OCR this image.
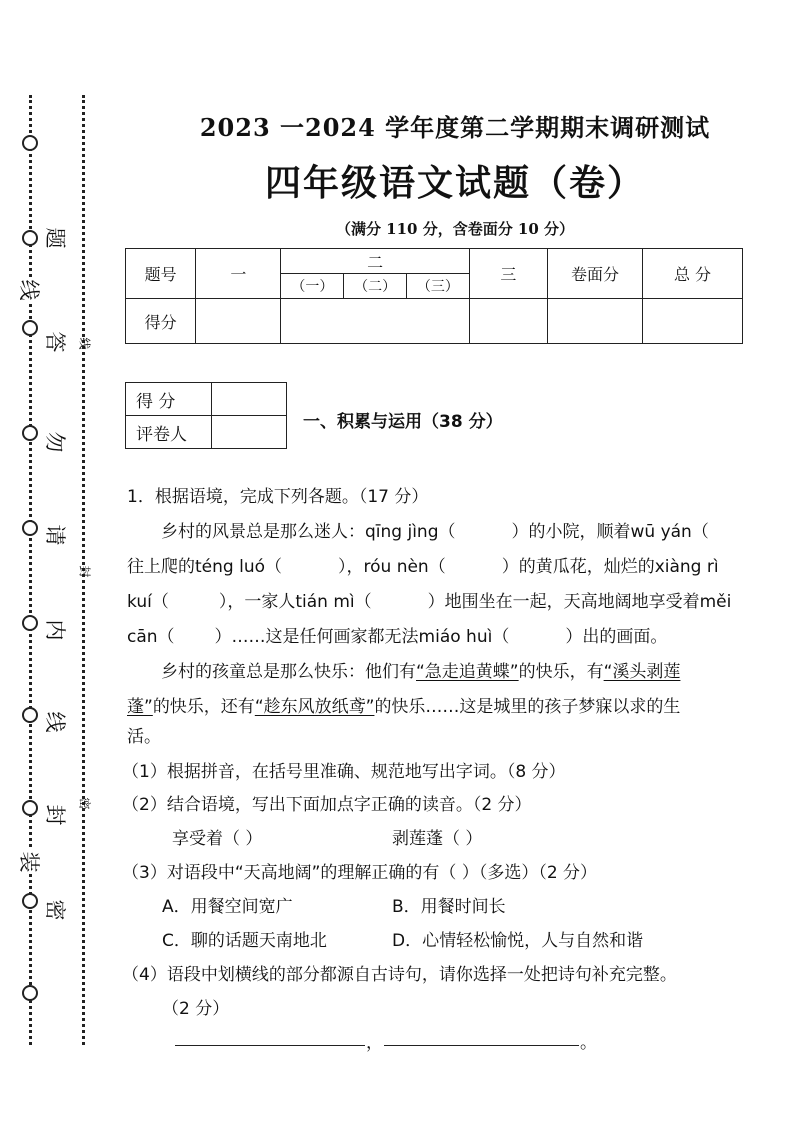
题
线
答
勿
请
内
线
封
装
密
线
封
密
2023 一2024 学年度第二学期期末调研测试
四年级语文试题（卷）
（满分 110 分，含卷面分 10 分）
题号	一	二			三	卷面分	总 分
		（一）	（二）	（三）			
得分							
得 分	
评卷人	
一、积累与运用（38 分）
1．根据语境，完成下列各题。（17 分）
乡村的风景总是那么迷人：qīng jìng（	）的小院，顺着wū yán（
往上爬的téng luó（	），róu nèn（	）的黄瓜花，灿烂的xiàng rì
kuí（	），一家人tián mì（	）地围坐在一起，天高地阔地享受着měi
cān（ ）……这是任何画家都无法miáo huì（	）出的画面。
乡村的孩童总是那么快乐：他们有“急走追黄蝶”的快乐，有“溪头剥莲
蓬”的快乐，还有“趁东风放纸鸢”的快乐……这是城里的孩子梦寐以求的生
活。
（1）根据拼音，在括号里准确、规范地写出字词。（8 分）
（2）结合语境，写出下面加点字正确的读音。（2 分）
享受着（ ）	剥莲蓬（ ）
（3）对语段中“天高地阔”的理解正确的有（ ）（多选）（2 分）
A．用餐空间宽广	B．用餐时间长
C．聊的话题天南地北	D．心情轻松愉悦，人与自然和谐
（4）语段中划横线的部分都源自古诗句，请你选择一处把诗句补充完整。
（2 分）
，	。
